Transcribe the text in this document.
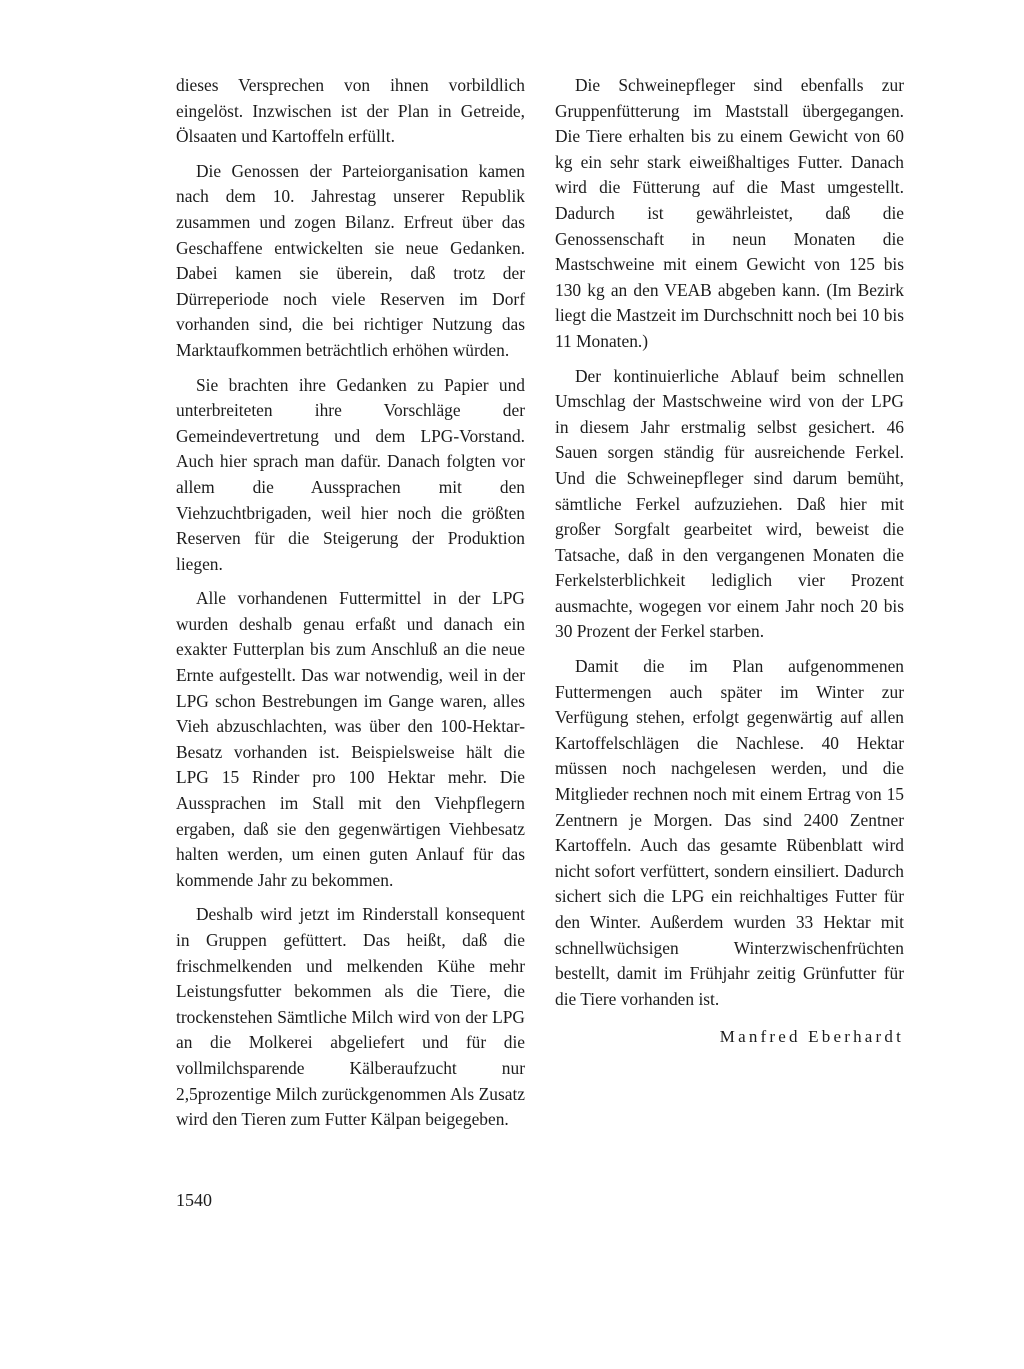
dieses Versprechen von ihnen vorbildlich eingelöst. Inzwischen ist der Plan in Getreide, Ölsaaten und Kartoffeln erfüllt.

Die Genossen der Parteiorganisation kamen nach dem 10. Jahrestag unserer Republik zusammen und zogen Bilanz. Erfreut über das Geschaffene entwickelten sie neue Gedanken. Dabei kamen sie überein, daß trotz der Dürreperiode noch viele Reserven im Dorf vorhanden sind, die bei richtiger Nutzung das Marktaufkommen beträchtlich erhöhen würden.

Sie brachten ihre Gedanken zu Papier und unterbreiteten ihre Vorschläge der Gemeindevertretung und dem LPG-Vorstand. Auch hier sprach man dafür. Danach folgten vor allem die Aussprachen mit den Viehzuchtbrigaden, weil hier noch die größten Reserven für die Steigerung der Produktion liegen.

Alle vorhandenen Futtermittel in der LPG wurden deshalb genau erfaßt und danach ein exakter Futterplan bis zum Anschluß an die neue Ernte aufgestellt. Das war notwendig, weil in der LPG schon Bestrebungen im Gange waren, alles Vieh abzuschlachten, was über den 100-Hektar-Besatz vorhanden ist. Beispielsweise hält die LPG 15 Rinder pro 100 Hektar mehr. Die Aussprachen im Stall mit den Viehpflegern ergaben, daß sie den gegenwärtigen Viehbesatz halten werden, um einen guten Anlauf für das kommende Jahr zu bekommen.

Deshalb wird jetzt im Rinderstall konsequent in Gruppen gefüttert. Das heißt, daß die frischmelkenden und melkenden Kühe mehr Leistungsfutter bekommen als die Tiere, die trockenstehen Sämtliche Milch wird von der LPG an die Molkerei abgeliefert und für die vollmilchsparende Kälberaufzucht nur 2,5prozentige Milch zurückgenommen Als Zusatz wird den Tieren zum Futter Kälpan beigegeben.

Die Schweinepfleger sind ebenfalls zur Gruppenfütterung im Maststall übergegangen. Die Tiere erhalten bis zu einem Gewicht von 60 kg ein sehr stark eiweißhaltiges Futter. Danach wird die Fütterung auf die Mast umgestellt. Dadurch ist gewährleistet, daß die Genossenschaft in neun Monaten die Mastschweine mit einem Gewicht von 125 bis 130 kg an den VEAB abgeben kann. (Im Bezirk liegt die Mastzeit im Durchschnitt noch bei 10 bis 11 Monaten.)

Der kontinuierliche Ablauf beim schnellen Umschlag der Mastschweine wird von der LPG in diesem Jahr erstmalig selbst gesichert. 46 Sauen sorgen ständig für ausreichende Ferkel. Und die Schweinepfleger sind darum bemüht, sämtliche Ferkel aufzuziehen. Daß hier mit großer Sorgfalt gearbeitet wird, beweist die Tatsache, daß in den vergangenen Monaten die Ferkelsterblichkeit lediglich vier Prozent ausmachte, wogegen vor einem Jahr noch 20 bis 30 Prozent der Ferkel starben.

Damit die im Plan aufgenommenen Futtermengen auch später im Winter zur Verfügung stehen, erfolgt gegenwärtig auf allen Kartoffelschlägen die Nachlese. 40 Hektar müssen noch nachgelesen werden, und die Mitglieder rechnen noch mit einem Ertrag von 15 Zentnern je Morgen. Das sind 2400 Zentner Kartoffeln. Auch das gesamte Rübenblatt wird nicht sofort verfüttert, sondern einsiliert. Dadurch sichert sich die LPG ein reichhaltiges Futter für den Winter. Außerdem wurden 33 Hektar mit schnellwüchsigen Winterzwischenfrüchten bestellt, damit im Frühjahr zeitig Grünfutter für die Tiere vorhanden ist.

Manfred Eberhardt
1540
